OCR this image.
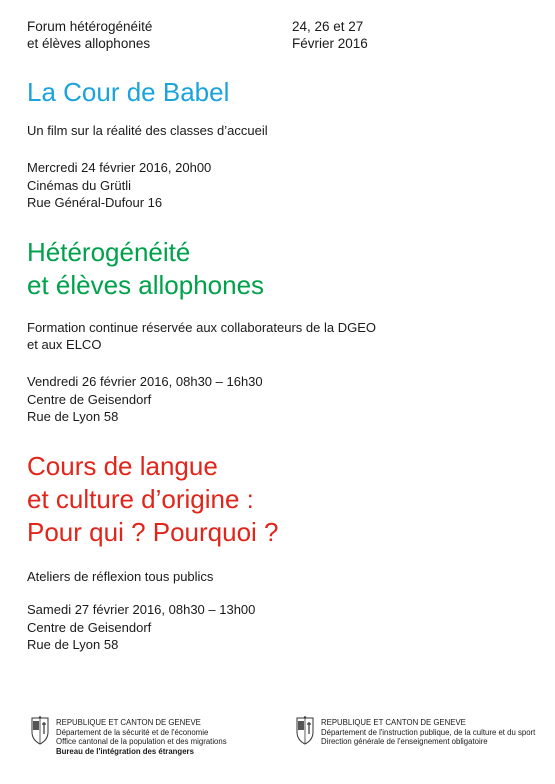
Forum hétérogénéité
et élèves allophones
24, 26 et 27
Février 2016
La Cour de Babel
Un film sur la réalité des classes d’accueil
Mercredi 24 février 2016, 20h00
Cinémas du Grütli
Rue Général-Dufour 16
Hétérogénéité
et élèves allophones
Formation continue réservée aux collaborateurs de la DGEO
et aux ELCO
Vendredi 26 février 2016, 08h30 – 16h30
Centre de Geisendorf
Rue de Lyon 58
Cours de langue
et culture d’origine :
Pour qui ? Pourquoi ?
Ateliers de réflexion tous publics
Samedi 27 février 2016, 08h30 – 13h00
Centre de Geisendorf
Rue de Lyon 58
REPUBLIQUE ET CANTON DE GENEVE
Département de la sécurité et de l'économie
Office cantonal de la population et des migrations
Bureau de l'intégration des étrangers
REPUBLIQUE ET CANTON DE GENEVE
Département de l'instruction publique, de la culture et du sport
Direction générale de l'enseignement obligatoire
